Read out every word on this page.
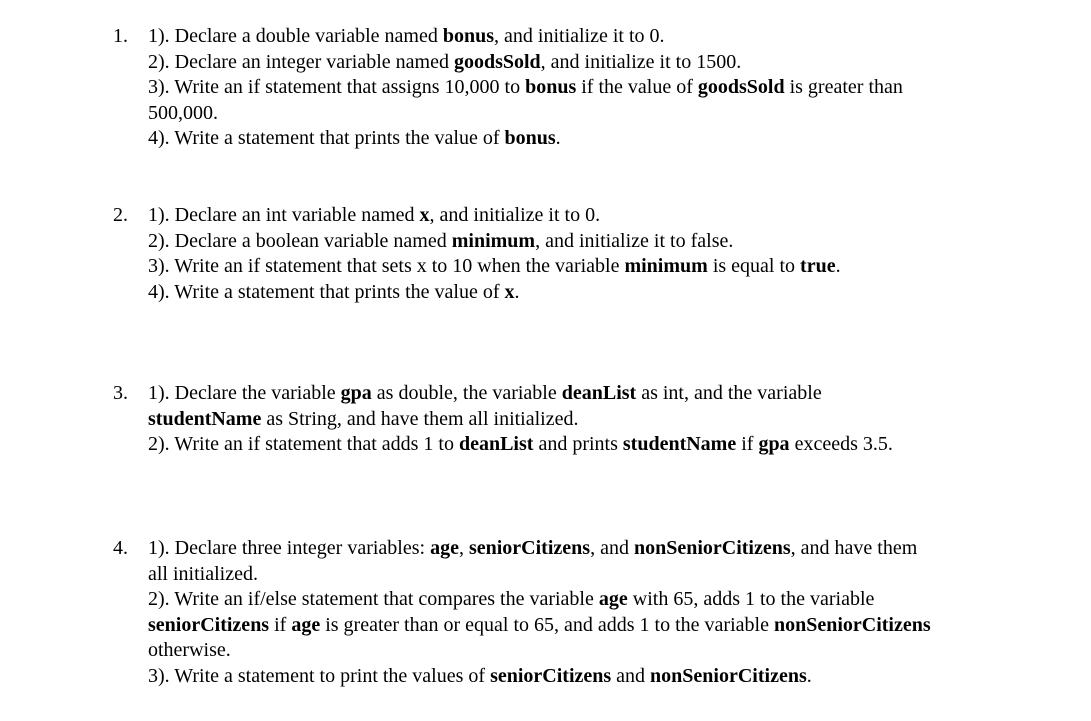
1. 1). Declare a double variable named bonus, and initialize it to 0.
2). Declare an integer variable named goodsSold, and initialize it to 1500.
3). Write an if statement that assigns 10,000 to bonus if the value of goodsSold is greater than
500,000.
4). Write a statement that prints the value of bonus.
2. 1). Declare an int variable named x, and initialize it to 0.
2). Declare a boolean variable named minimum, and initialize it to false.
3). Write an if statement that sets x to 10 when the variable minimum is equal to true.
4). Write a statement that prints the value of x.
3. 1). Declare the variable gpa as double, the variable deanList as int, and the variable
studentName as String, and have them all initialized.
2). Write an if statement that adds 1 to deanList and prints studentName if gpa exceeds 3.5.
4. 1). Declare three integer variables: age, seniorCitizens, and nonSeniorCitizens, and have them
all initialized.
2). Write an if/else statement that compares the variable age with 65, adds 1 to the variable
seniorCitizens if age is greater than or equal to 65, and adds 1 to the variable nonSeniorCitizens
otherwise.
3). Write a statement to print the values of seniorCitizens and nonSeniorCitizens.
